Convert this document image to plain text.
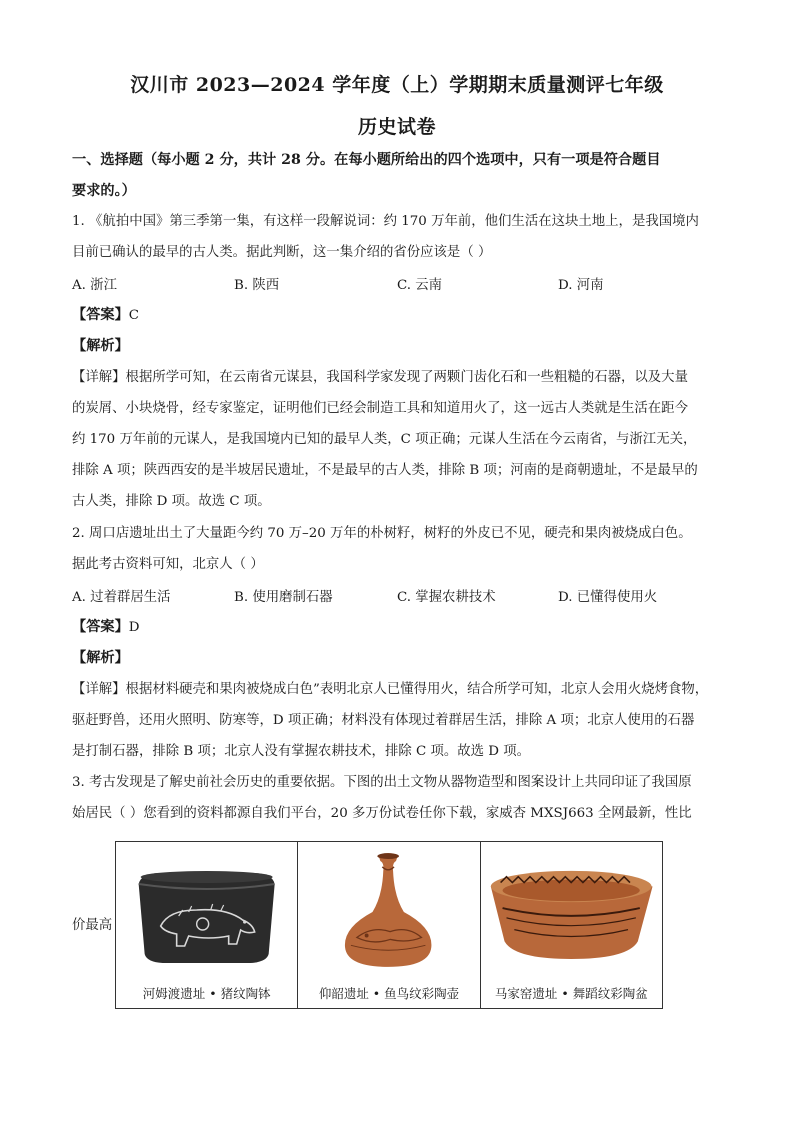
汉川市 2023—2024 学年度（上）学期期末质量测评七年级
历史试卷
一、选择题（每小题 2 分，共计 28 分。在每小题所给出的四个选项中，只有一项是符合题目
要求的。）
1. 《航拍中国》第三季第一集，有这样一段解说词：约 170 万年前，他们生活在这块土地上，是我国境内
目前已确认的最早的古人类。据此判断，这一集介绍的省份应该是（ ）
A. 浙江	B. 陕西	C. 云南	D. 河南
【答案】C
【解析】
【详解】根据所学可知，在云南省元谋县，我国科学家发现了两颗门齿化石和一些粗糙的石器，以及大量
的炭屑、小块烧骨，经专家鉴定，证明他们已经会制造工具和知道用火了，这一远古人类就是生活在距今
约 170 万年前的元谋人，是我国境内已知的最早人类，C 项正确；元谋人生活在今云南省，与浙江无关，
排除 A 项；陕西西安的是半坡居民遗址，不是最早的古人类，排除 B 项；河南的是商朝遗址，不是最早的
古人类，排除 D 项。故选 C 项。
2. 周口店遗址出土了大量距今约 70 万–20 万年的朴树籽，树籽的外皮已不见，硬壳和果肉被烧成白色。
据此考古资料可知，北京人（ ）
A. 过着群居生活	B. 使用磨制石器	C. 掌握农耕技术	D. 已懂得使用火
【答案】D
【解析】
【详解】根据材料硬壳和果肉被烧成白色”表明北京人已懂得用火，结合所学可知，北京人会用火烧烤食物，
驱赶野兽，还用火照明、防寒等，D 项正确；材料没有体现过着群居生活，排除 A 项；北京人使用的石器
是打制石器，排除 B 项；北京人没有掌握农耕技术，排除 C 项。故选 D 项。
3. 考古发现是了解史前社会历史的重要依据。下图的出土文物从器物造型和图案设计上共同印证了我国原
始居民（ ）您看到的资料都源自我们平台，20 多万份试卷任你下载，家威杏 MXSJ663 全网最新，性比
价最高
河姆渡遗址 • 猪纹陶钵	仰韶遗址 • 鱼鸟纹彩陶壶	马家窑遗址 • 舞蹈纹彩陶盆
